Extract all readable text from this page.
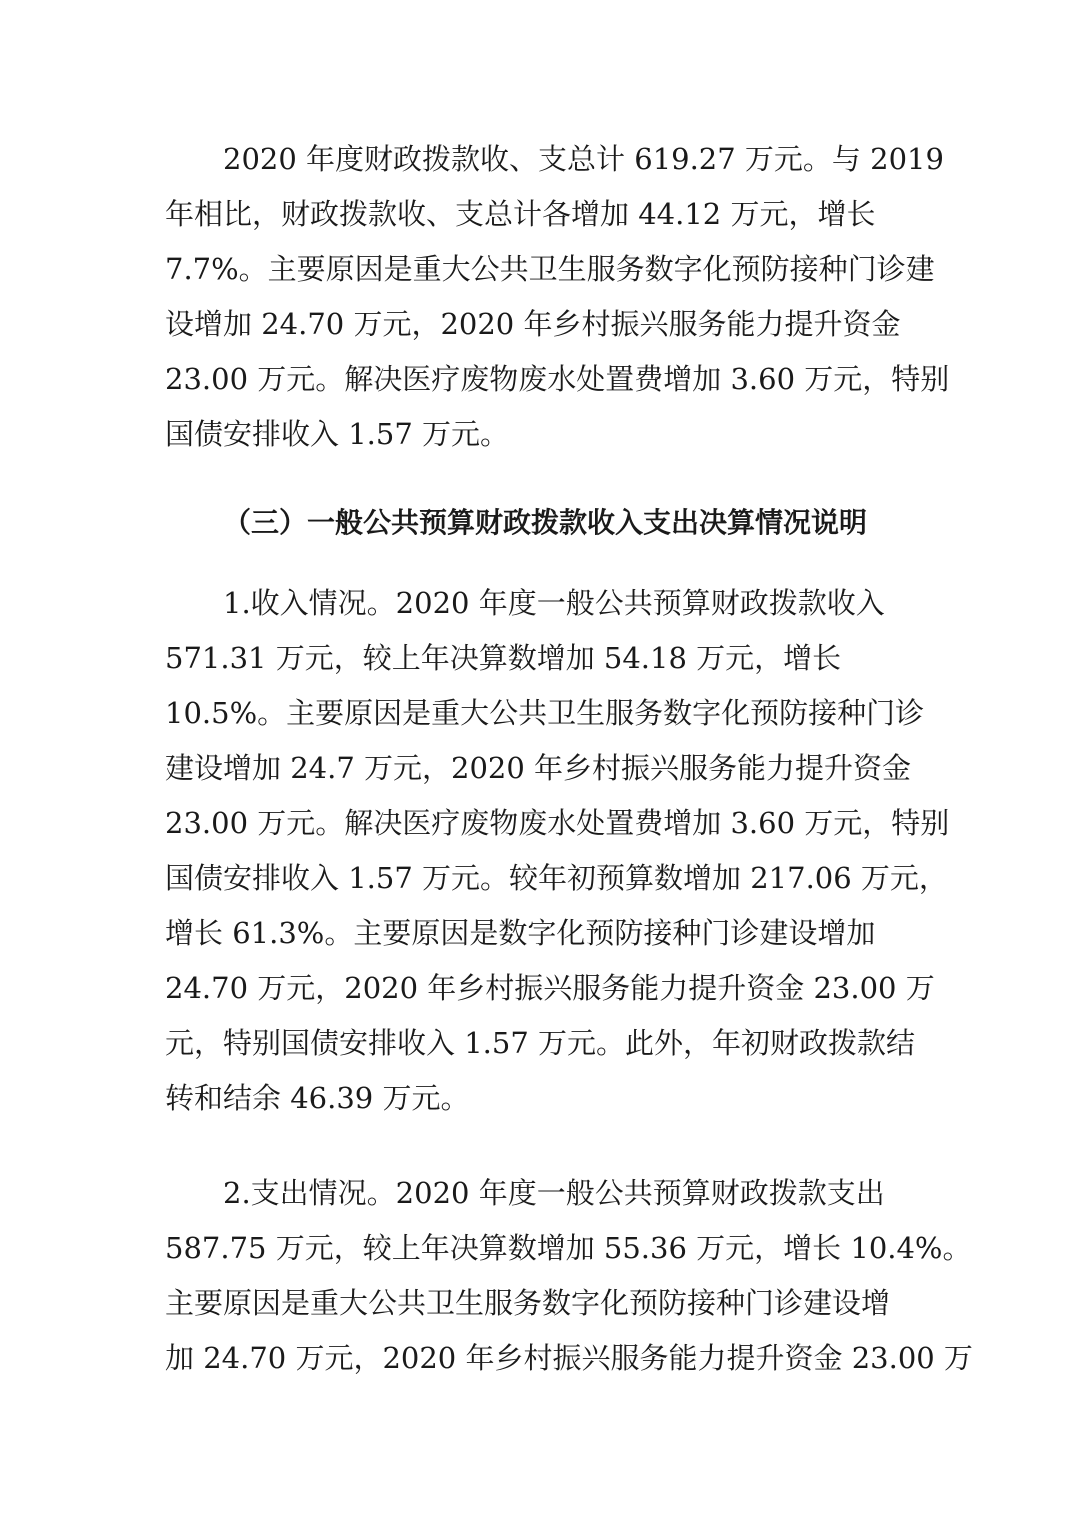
2020 年度财政拨款收、支总计 619.27 万元。与 2019
年相比，财政拨款收、支总计各增加 44.12 万元，增长
7.7%。主要原因是重大公共卫生服务数字化预防接种门诊建
设增加 24.70 万元，2020 年乡村振兴服务能力提升资金
23.00 万元。解决医疗废物废水处置费增加 3.60 万元，特别
国债安排收入 1.57 万元。

（三）一般公共预算财政拨款收入支出决算情况说明

1.收入情况。2020 年度一般公共预算财政拨款收入
571.31 万元，较上年决算数增加 54.18 万元，增长
10.5%。主要原因是重大公共卫生服务数字化预防接种门诊
建设增加 24.7 万元，2020 年乡村振兴服务能力提升资金
23.00 万元。解决医疗废物废水处置费增加 3.60 万元，特别
国债安排收入 1.57 万元。较年初预算数增加 217.06 万元，
增长 61.3%。主要原因是数字化预防接种门诊建设增加
24.70 万元，2020 年乡村振兴服务能力提升资金 23.00 万
元，特别国债安排收入 1.57 万元。此外，年初财政拨款结
转和结余 46.39 万元。

2.支出情况。2020 年度一般公共预算财政拨款支出
587.75 万元，较上年决算数增加 55.36 万元，增长 10.4%。
主要原因是重大公共卫生服务数字化预防接种门诊建设增
加 24.70 万元，2020 年乡村振兴服务能力提升资金 23.00 万
